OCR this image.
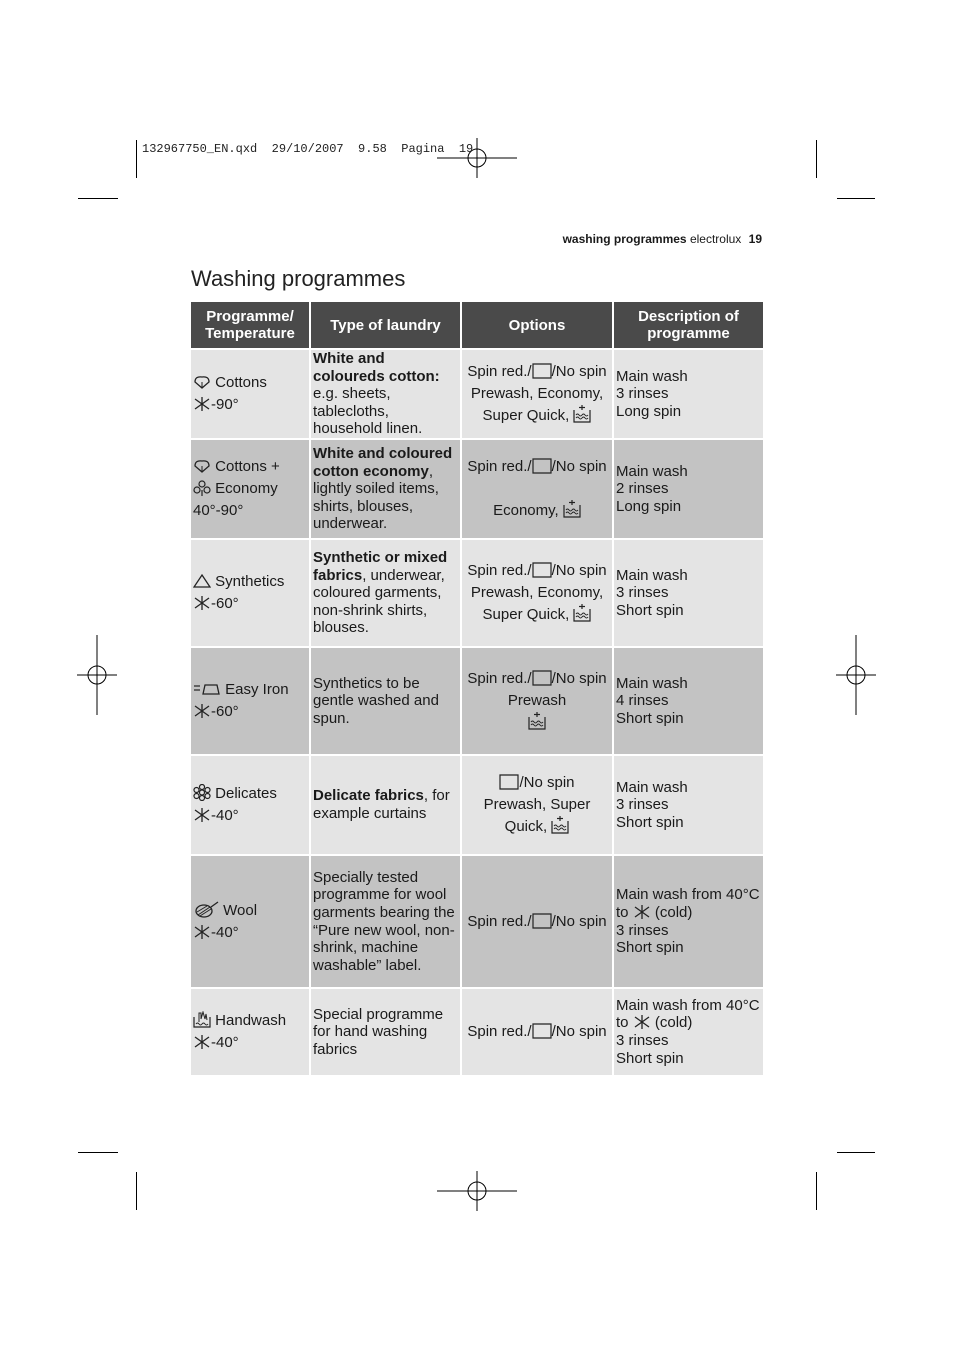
132967750_EN.qxd  29/10/2007  9.58  Pagina  19
washing programmes electrolux 19
Washing programmes
Programme/ Temperature	Type of laundry	Options	Description of programme

Cottons
-90°	White and coloureds cotton: e.g. sheets, tablecloths, household linen.	Spin red./ /No spin
Prewash, Economy,
Super Quick,	Main wash
3 rinses
Long spin

Cottons +
Economy
40°-90°	White and coloured cotton economy, lightly soiled items, shirts, blouses, underwear.	Spin red./ /No spin

Economy,	Main wash
2 rinses
Long spin

Synthetics
-60°	Synthetic or mixed fabrics, underwear, coloured garments, non-shrink shirts, blouses.	Spin red./ /No spin
Prewash, Economy,
Super Quick,	Main wash
3 rinses
Short spin

Easy Iron
-60°	Synthetics to be gentle washed and spun.	Spin red./ /No spin
Prewash	Main wash
4 rinses
Short spin

Delicates
-40°	Delicate fabrics, for example curtains	/No spin
Prewash, Super
Quick,	Main wash
3 rinses
Short spin

Wool
-40°	Specially tested programme for wool garments bearing the “Pure new wool, non-shrink, machine washable” label.	Spin red./ /No spin	Main wash from 40°C
to (cold)
3 rinses
Short spin

Handwash
-40°	Special programme for hand washing fabrics	Spin red./ /No spin	Main wash from 40°C
to (cold)
3 rinses
Short spin
